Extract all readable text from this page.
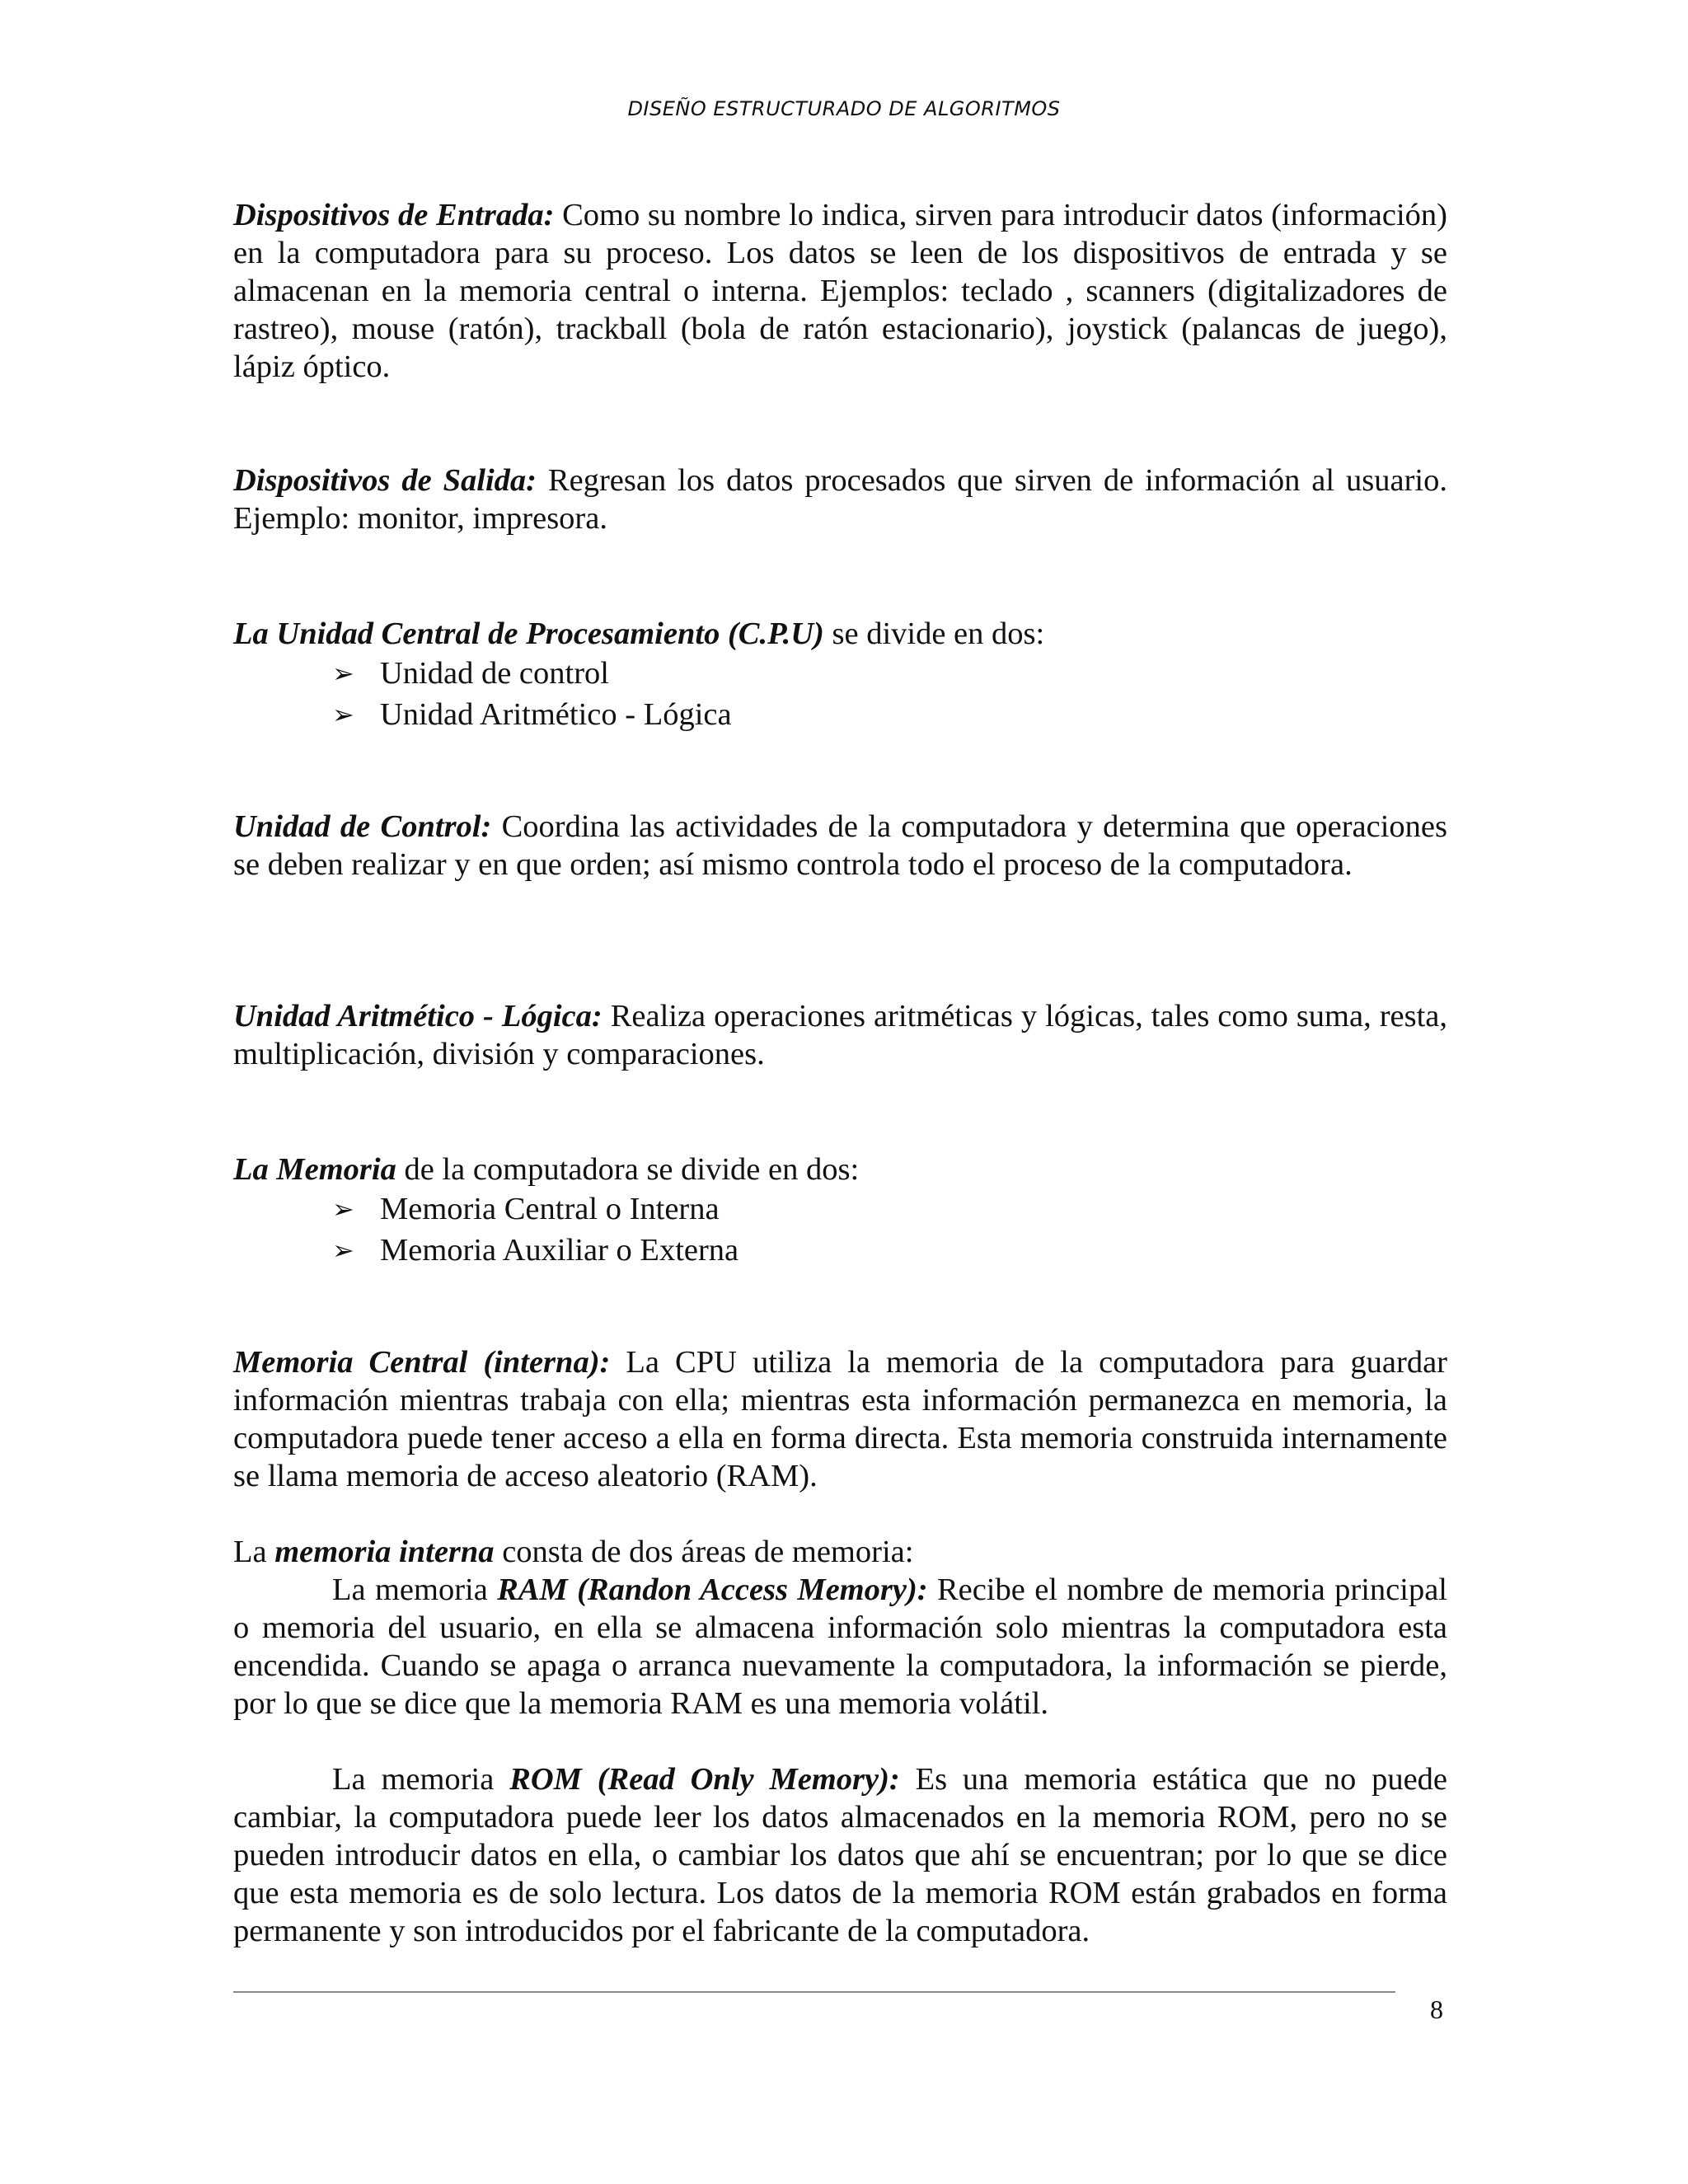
DISEÑO ESTRUCTURADO DE ALGORITMOS

Dispositivos de Entrada: Como su nombre lo indica, sirven para introducir datos (información) en la computadora para su proceso. Los datos se leen de los dispositivos de entrada y se almacenan en la memoria central o interna. Ejemplos: teclado , scanners (digitalizadores de rastreo), mouse (ratón), trackball (bola de ratón estacionario), joystick (palancas de juego), lápiz óptico.

Dispositivos de Salida: Regresan los datos procesados que sirven de información al usuario. Ejemplo: monitor, impresora.

La Unidad Central de Procesamiento (C.P.U) se divide en dos:

➢ Unidad de control
➢ Unidad Aritmético - Lógica

Unidad de Control: Coordina las actividades de la computadora y determina que operaciones se deben realizar y en que orden; así mismo controla todo el proceso de la computadora.

Unidad Aritmético - Lógica: Realiza operaciones aritméticas y lógicas, tales como suma, resta, multiplicación, división y comparaciones.

La Memoria de la computadora se divide en dos:

➢ Memoria Central o Interna
➢ Memoria Auxiliar o Externa

Memoria Central (interna): La CPU utiliza la memoria de la computadora para guardar información mientras trabaja con ella; mientras esta información permanezca en memoria, la computadora puede tener acceso a ella en forma directa. Esta memoria construida internamente se llama memoria de acceso aleatorio (RAM).

La memoria interna consta de dos áreas de memoria:

La memoria RAM (Randon Access Memory): Recibe el nombre de memoria principal o memoria del usuario, en ella se almacena información solo mientras la computadora esta encendida. Cuando se apaga o arranca nuevamente la computadora, la información se pierde, por lo que se dice que la memoria RAM es una memoria volátil.

La memoria ROM (Read Only Memory): Es una memoria estática que no puede cambiar, la computadora puede leer los datos almacenados en la memoria ROM, pero no se pueden introducir datos en ella, o cambiar los datos que ahí se encuentran; por lo que se dice que esta memoria es de solo lectura. Los datos de la memoria ROM están grabados en forma permanente y son introducidos por el fabricante de la computadora.

8
